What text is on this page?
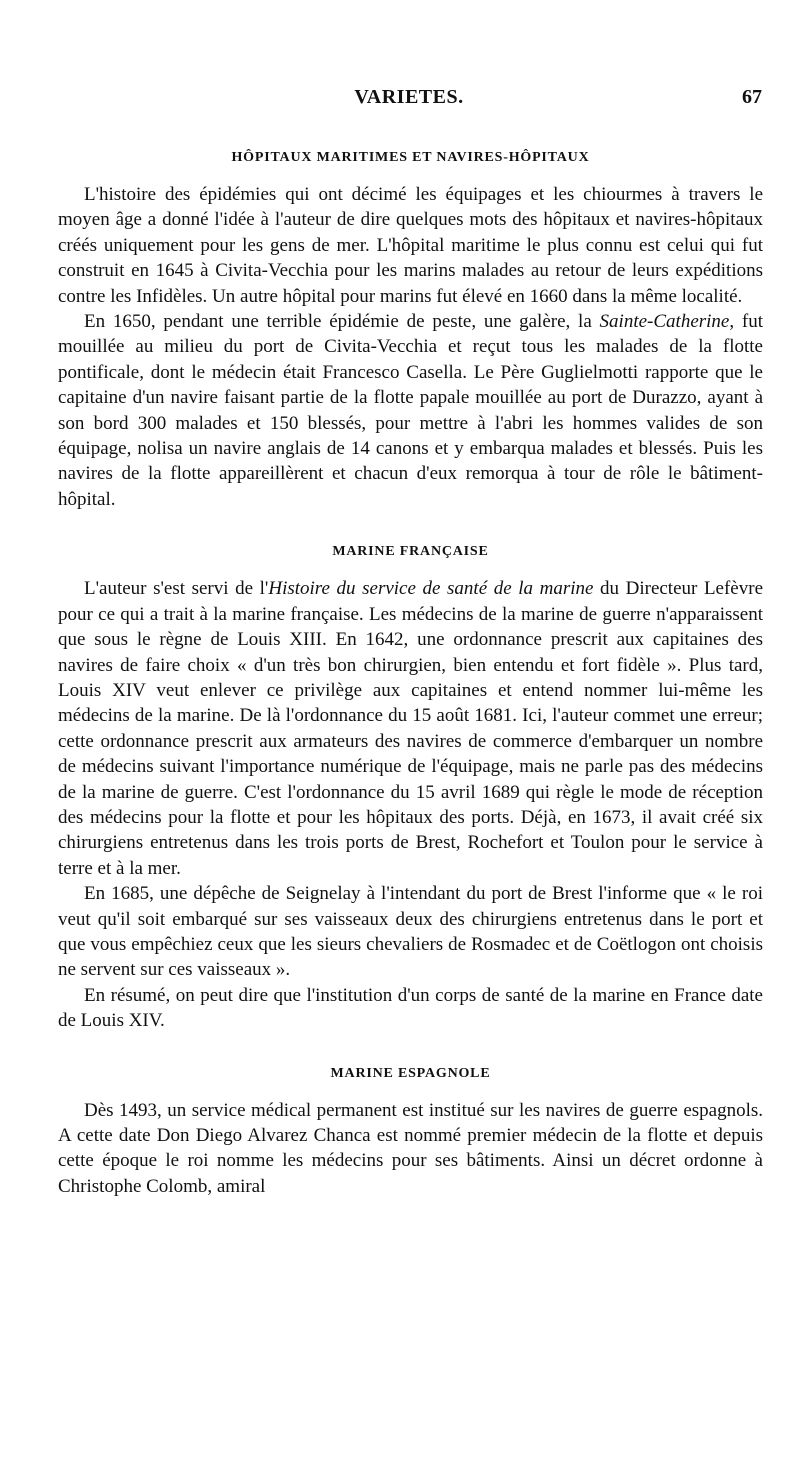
VARIETES.	67
HÔPITAUX MARITIMES ET NAVIRES-HÔPITAUX

L'histoire des épidémies qui ont décimé les équipages et les chiourmes à travers le moyen âge a donné l'idée à l'auteur de dire quelques mots des hôpitaux et navires-hôpitaux créés uniquement pour les gens de mer. L'hôpital maritime le plus connu est celui qui fut construit en 1645 à Civita-Vecchia pour les marins malades au retour de leurs expéditions contre les Infidèles. Un autre hôpital pour marins fut élevé en 1660 dans la même localité.

En 1650, pendant une terrible épidémie de peste, une galère, la Sainte-Catherine, fut mouillée au milieu du port de Civita-Vecchia et reçut tous les malades de la flotte pontificale, dont le médecin était Francesco Casella. Le Père Guglielmotti rapporte que le capitaine d'un navire faisant partie de la flotte papale mouillée au port de Durazzo, ayant à son bord 300 malades et 150 blessés, pour mettre à l'abri les hommes valides de son équipage, nolisa un navire anglais de 14 canons et y embarqua malades et blessés. Puis les navires de la flotte appareillèrent et chacun d'eux remorqua à tour de rôle le bâtiment-hôpital.

MARINE FRANÇAISE

L'auteur s'est servi de l'Histoire du service de santé de la marine du Directeur Lefèvre pour ce qui a trait à la marine française. Les médecins de la marine de guerre n'apparaissent que sous le règne de Louis XIII. En 1642, une ordonnance prescrit aux capitaines des navires de faire choix « d'un très bon chirurgien, bien entendu et fort fidèle ». Plus tard, Louis XIV veut enlever ce privilège aux capitaines et entend nommer lui-même les médecins de la marine. De là l'ordonnance du 15 août 1681. Ici, l'auteur commet une erreur; cette ordonnance prescrit aux armateurs des navires de commerce d'embarquer un nombre de médecins suivant l'importance numérique de l'équipage, mais ne parle pas des médecins de la marine de guerre. C'est l'ordonnance du 15 avril 1689 qui règle le mode de réception des médecins pour la flotte et pour les hôpitaux des ports. Déjà, en 1673, il avait créé six chirurgiens entretenus dans les trois ports de Brest, Rochefort et Toulon pour le service à terre et à la mer.

En 1685, une dépêche de Seignelay à l'intendant du port de Brest l'informe que « le roi veut qu'il soit embarqué sur ses vaisseaux deux des chirurgiens entretenus dans le port et que vous empêchiez ceux que les sieurs chevaliers de Rosmadec et de Coëtlogon ont choisis ne servent sur ces vaisseaux ».

En résumé, on peut dire que l'institution d'un corps de santé de la marine en France date de Louis XIV.

MARINE ESPAGNOLE

Dès 1493, un service médical permanent est institué sur les navires de guerre espagnols. A cette date Don Diego Alvarez Chanca est nommé premier médecin de la flotte et depuis cette époque le roi nomme les médecins pour ses bâtiments. Ainsi un décret ordonne à Christophe Colomb, amiral
